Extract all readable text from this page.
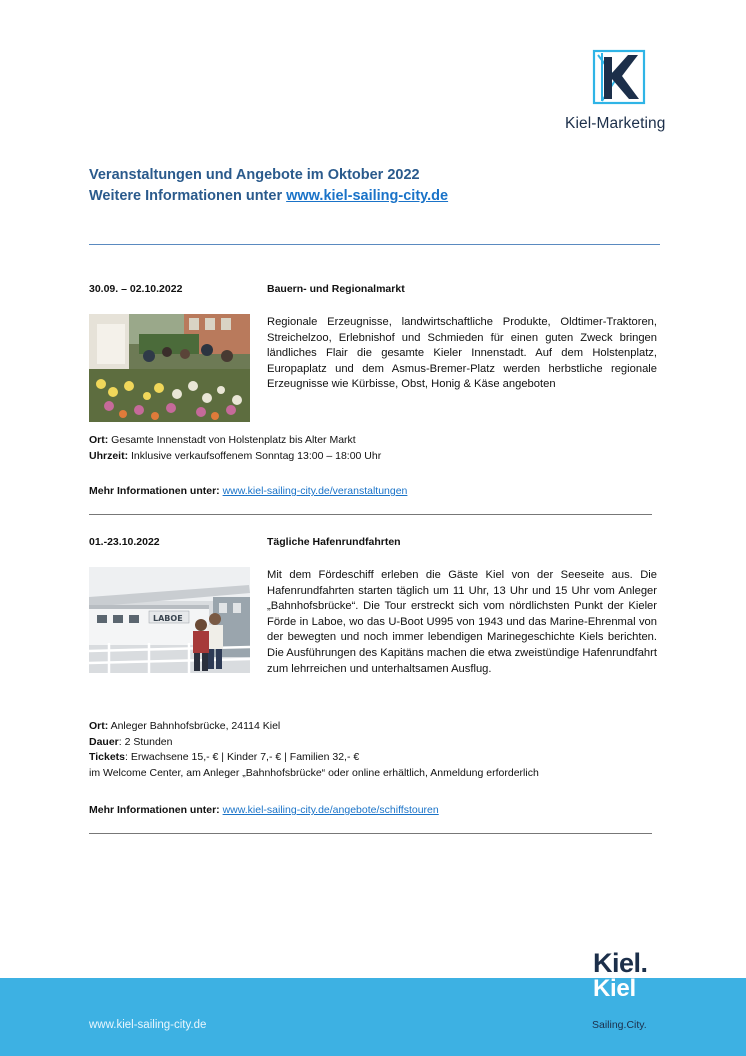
Kiel-Marketing
Veranstaltungen und Angebote im Oktober 2022
Weitere Informationen unter www.kiel-sailing-city.de
30.09. – 02.10.2022	Bauern- und Regionalmarkt
Regionale Erzeugnisse, landwirtschaftliche Produkte, Oldtimer-Traktoren, Streichelzoo, Erlebnishof und Schmieden für einen guten Zweck bringen ländliches Flair die gesamte Kieler Innenstadt. Auf dem Holstenplatz, Europaplatz und dem Asmus-Bremer-Platz werden herbstliche regionale Erzeugnisse wie Kürbisse, Obst, Honig & Käse angeboten
Ort: Gesamte Innenstadt von Holstenplatz bis Alter Markt
Uhrzeit: Inklusive verkaufsoffenem Sonntag 13:00 – 18:00 Uhr
Mehr Informationen unter: www.kiel-sailing-city.de/veranstaltungen
01.-23.10.2022	Tägliche Hafenrundfahrten
LABOE
Mit dem Fördeschiff erleben die Gäste Kiel von der Seeseite aus. Die Hafenrundfahrten starten täglich um 11 Uhr, 13 Uhr und 15 Uhr vom Anleger „Bahnhofsbrücke“. Die Tour erstreckt sich vom nördlichsten Punkt der Kieler Förde in Laboe, wo das U-Boot U995 von 1943 und das Marine-Ehrenmal von der bewegten und noch immer lebendigen Marinegeschichte Kiels berichten. Die Ausführungen des Kapitäns machen die etwa zweistündige Hafenrundfahrt zum lehrreichen und unterhaltsamen Ausflug.
Ort: Anleger Bahnhofsbrücke, 24114 Kiel
Dauer: 2 Stunden
Tickets: Erwachsene 15,- € | Kinder 7,- € | Familien 32,- €
im Welcome Center, am Anleger „Bahnhofsbrücke“ oder online erhältlich, Anmeldung erforderlich
Mehr Informationen unter: www.kiel-sailing-city.de/angebote/schiffstouren
www.kiel-sailing-city.de
Kiel.
Kiel
Sailing.City.
